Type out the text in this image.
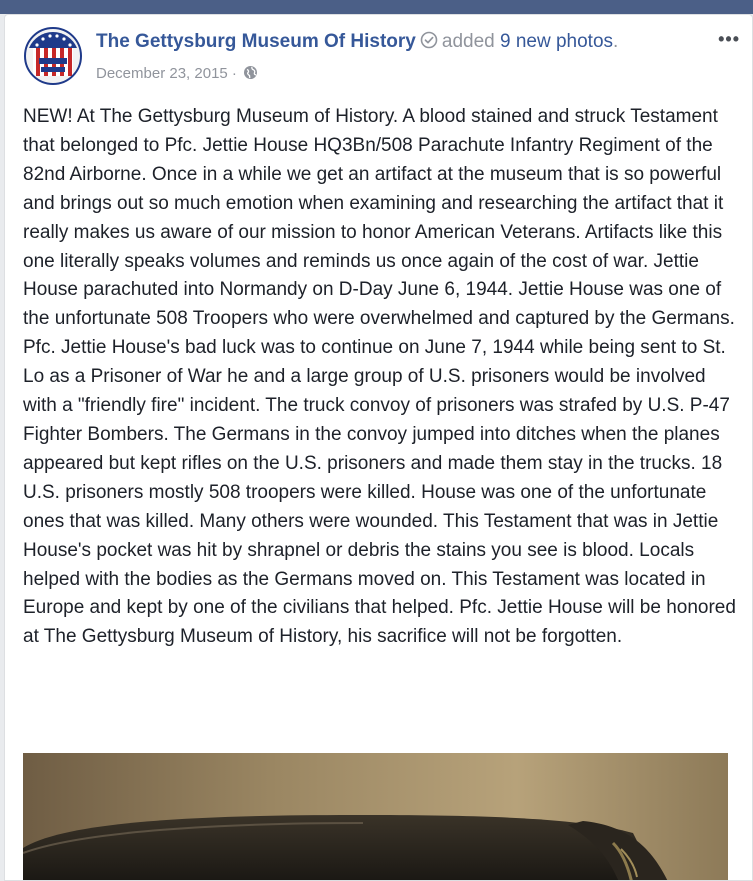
The Gettysburg Museum Of History added 9 new photos.
December 23, 2015 ·
•••

NEW! At The Gettysburg Museum of History. A blood stained and struck Testament that belonged to Pfc. Jettie House HQ3Bn/508 Parachute Infantry Regiment of the 82nd Airborne. Once in a while we get an artifact at the museum that is so powerful and brings out so much emotion when examining and researching the artifact that it really makes us aware of our mission to honor American Veterans. Artifacts like this one literally speaks volumes and reminds us once again of the cost of war. Jettie House parachuted into Normandy on D-Day June 6, 1944. Jettie House was one of the unfortunate 508 Troopers who were overwhelmed and captured by the Germans. Pfc. Jettie House's bad luck was to continue on June 7, 1944 while being sent to St. Lo as a Prisoner of War he and a large group of U.S. prisoners would be involved with a "friendly fire" incident. The truck convoy of prisoners was strafed by U.S. P-47 Fighter Bombers. The Germans in the convoy jumped into ditches when the planes appeared but kept rifles on the U.S. prisoners and made them stay in the trucks. 18 U.S. prisoners mostly 508 troopers were killed. House was one of the unfortunate ones that was killed. Many others were wounded. This Testament that was in Jettie House's pocket was hit by shrapnel or debris the stains you see is blood. Locals helped with the bodies as the Germans moved on. This Testament was located in Europe and kept by one of the civilians that helped. Pfc. Jettie House will be honored at The Gettysburg Museum of History, his sacrifice will not be forgotten.
